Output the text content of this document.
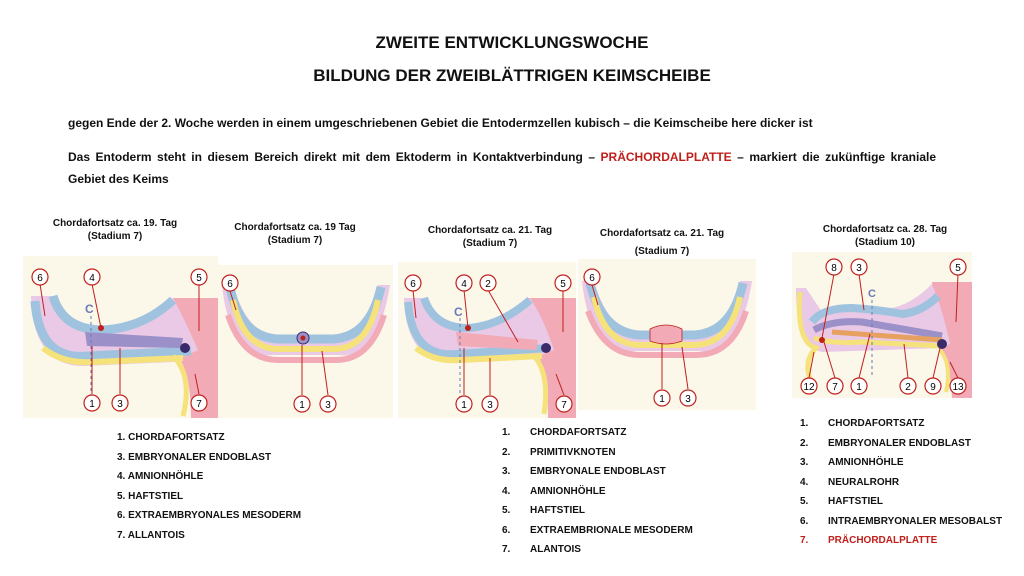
ZWEITE ENTWICKLUNGSWOCHE
BILDUNG DER ZWEIBLÄTTRIGEN KEIMSCHEIBE
gegen Ende der 2. Woche werden in einem umgeschriebenen Gebiet die Entodermzellen kubisch – die Keimscheibe here dicker ist
Das Entoderm steht in diesem Bereich direkt mit dem Ektoderm in Kontaktverbindung – PRÄCHORDALPLATTE – markiert die zukünftige kraniale Gebiet des Keims
Chordafortsatz ca. 19. Tag
(Stadium 7)
Chordafortsatz ca. 19 Tag
(Stadium 7)
Chordafortsatz ca. 21. Tag
(Stadium 7)
Chordafortsatz ca. 21. Tag
(Stadium 7)
Chordafortsatz ca. 28. Tag
(Stadium 10)
C
6	4	5
1 3	7
6
1 3
C
6	4 2	5
1 3	7
6
1 3
C
8 3	5
12 7 1	2 9 13
1. CHORDAFORTSATZ
3. EMBRYONALER ENDOBLAST
4. AMNIONHÖHLE
5. HAFTSTIEL
6. EXTRAEMBRYONALES MESODERM
7. ALLANTOIS
1. CHORDAFORTSATZ
2. PRIMITIVKNOTEN
3. EMBRYONALE ENDOBLAST
4. AMNIONHÖHLE
5. HAFTSTIEL
6. EXTRAEMBRIONALE MESODERM
7. ALANTOIS
1. CHORDAFORTSATZ
2. EMBRYONALER ENDOBLAST
3. AMNIONHÖHLE
4. NEURALROHR
5. HAFTSTIEL
6. INTRAEMBRYONALER MESOBALST
7. PRÄCHORDALPLATTE
